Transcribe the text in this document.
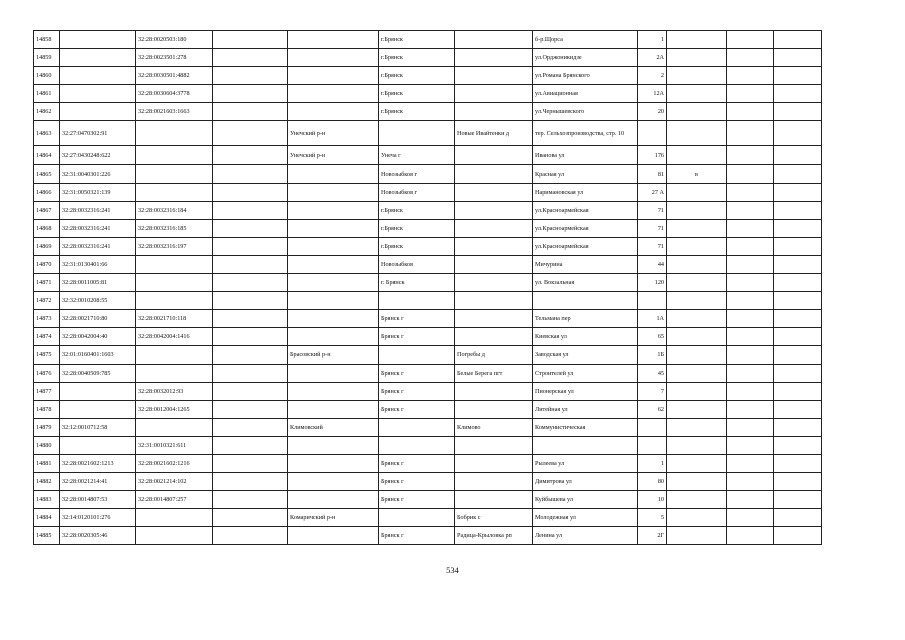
14858		32:28:0020503:180			г.Брянск		б-р.Щорса	1			
14859		32:28:0023501:278			г.Брянск		ул.Орджоникидзе	2А			
14860		32:28:0030501:4882			г.Брянск		ул.Романа Брянского	2			
14861		32:28:0030604:3778			г.Брянск		ул.Авиационная	12А			
14862		32:28:0021603:1663			г.Брянск		ул.Чернышевского	20			
14863	32:27:0470302:91			Унечский р-н		Новые Ивайтенки д	тер. Сельхозпроизводства, стр. 10				
14864	32:27:0430248:622			Унечский р-н	Унеча г		Иванова ул	176			
14865	32:31:0040301:226				Новозыбков г		Красная ул	81	в		
14866	32:31:0050321:139				Новозыбков г		Наримановская ул	27 А			
14867	32:28:0032316:241	32:28:0032316:184			г.Брянск		ул.Красноармейская	71			
14868	32:28:0032316:241	32:28:0032316:185			г.Брянск		ул.Красноармейская	71			
14869	32:28:0032316:241	32:28:0032316:197			г.Брянск		ул.Красноармейская	71			
14870	32:31:0130401:66				Новозыбков		Мичурина	44			
14871	32:28:0011005:81				г. Брянск		ул. Вокзальная	120			
14872	32:32:0010208:55										
14873	32:28:0021710:80	32:28:0021710:118			Брянск г		Тельмана пер	1А			
14874	32:28:0042004:40	32:28:0042004:1416			Брянск г		Киевская ул	65			
14875	32:01:0160401:1603			Брасовский р-н		Погребы д	Заводская ул	1Б			
14876	32:28:0040509:785				Брянск г	Белые Берега пгт	Строителей ул	45			
14877		32:28:0032012:93			Брянск г		Пионерская ул	7			
14878		32:28:0012004:1265			Брянск г		Литейная ул	62			
14879	32:12:0010712:58			Климовский		Климово	Коммунистическая				
14880		32:31:0010321:611									
14881	32:28:0021602:1213	32:28:0021602:1216			Брянск г		Рылеева ул	1			
14882	32:28:0021214:41	32:28:0021214:102			Брянск г		Димитрова ул	80			
14883	32:28:0014807:53	32:28:0014807:257			Брянск г		Куйбышева ул	10			
14884	32:14:0120101:276			Комаричский р-н		Бобрик с	Молодежная ул	5			
14885	32:28:0020305:46				Брянск г	Радица-Крыловка рп	Ленина ул	2Г			
534
